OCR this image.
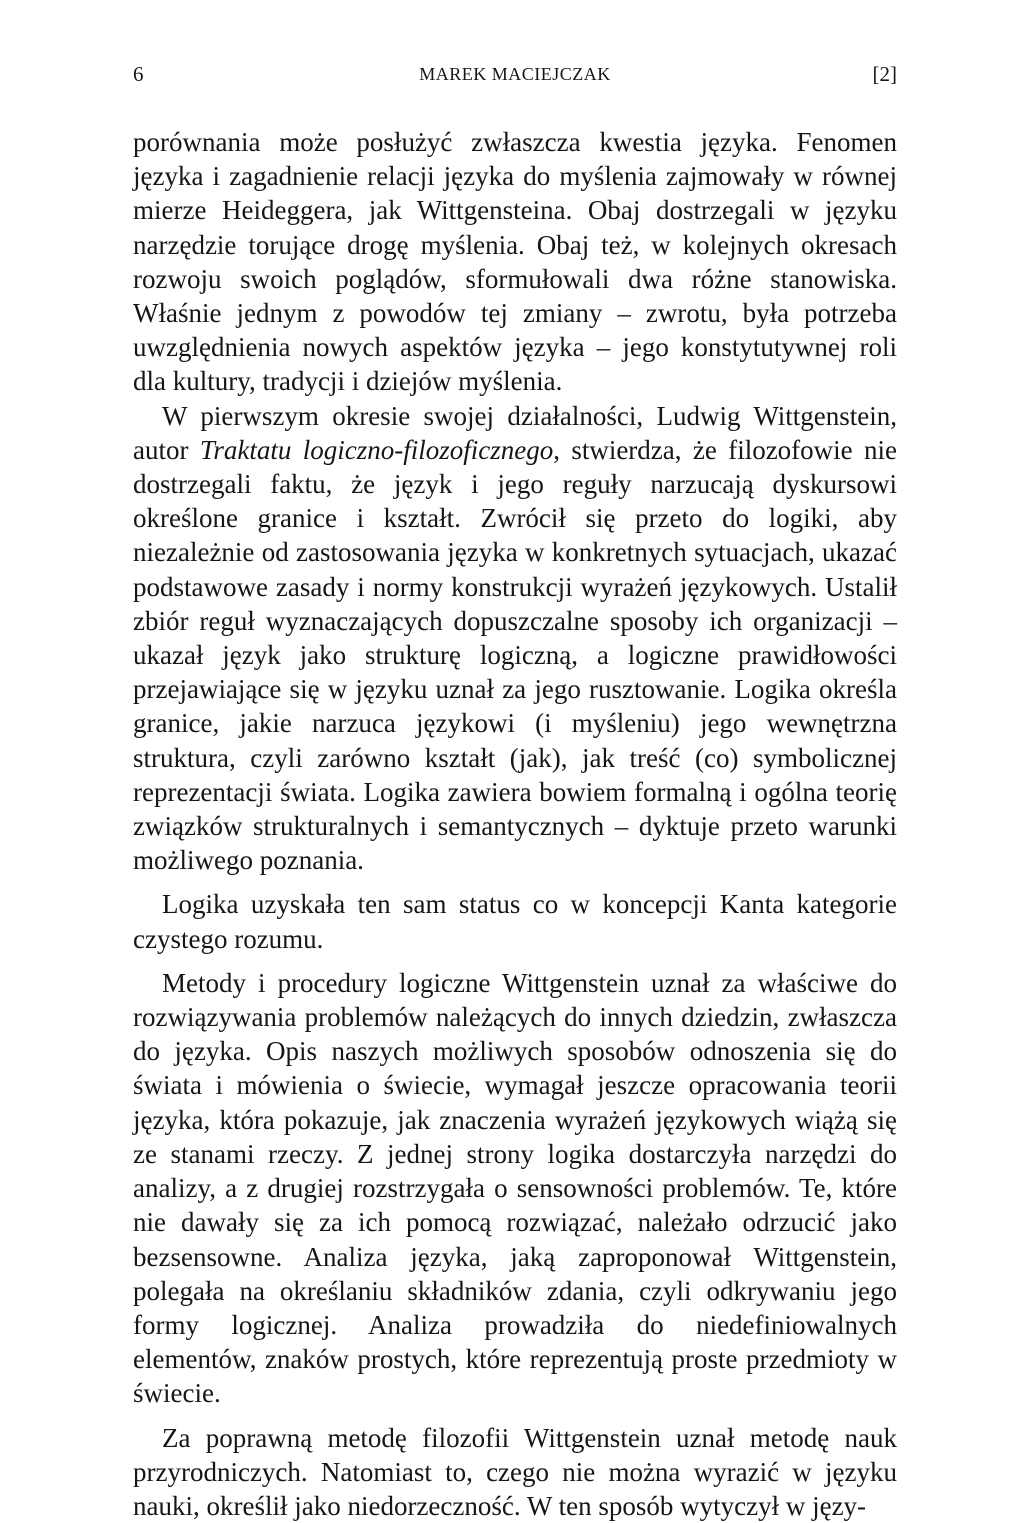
6	MAREK MACIEJCZAK	[2]

porównania może posłużyć zwłaszcza kwestia języka. Fenomen języka i zagadnienie relacji języka do myślenia zajmowały w równej mierze Heideggera, jak Wittgensteina. Obaj dostrzegali w języku narzędzie torujące drogę myślenia. Obaj też, w kolejnych okresach rozwoju swoich poglądów, sformułowali dwa różne stanowiska. Właśnie jednym z powodów tej zmiany – zwrotu, była potrzeba uwzględnienia nowych aspektów języka – jego konstytutywnej roli dla kultury, tradycji i dziejów myślenia.

W pierwszym okresie swojej działalności, Ludwig Wittgenstein, autor Traktatu logiczno-filozoficznego, stwierdza, że filozofowie nie dostrzegali faktu, że język i jego reguły narzucają dyskursowi określone granice i kształt. Zwrócił się przeto do logiki, aby niezależnie od zastosowania języka w konkretnych sytuacjach, ukazać podstawowe zasady i normy konstrukcji wyrażeń językowych. Ustalił zbiór reguł wyznaczających dopuszczalne sposoby ich organizacji – ukazał język jako strukturę logiczną, a logiczne prawidłowości przejawiające się w języku uznał za jego rusztowanie. Logika określa granice, jakie narzuca językowi (i myśleniu) jego wewnętrzna struktura, czyli zarówno kształt (jak), jak treść (co) symbolicznej reprezentacji świata. Logika zawiera bowiem formalną i ogólna teorię związków strukturalnych i semantycznych – dyktuje przeto warunki możliwego poznania.

Logika uzyskała ten sam status co w koncepcji Kanta kategorie czystego rozumu.

Metody i procedury logiczne Wittgenstein uznał za właściwe do rozwiązywania problemów należących do innych dziedzin, zwłaszcza do języka. Opis naszych możliwych sposobów odnoszenia się do świata i mówienia o świecie, wymagał jeszcze opracowania teorii języka, która pokazuje, jak znaczenia wyrażeń językowych wiążą się ze stanami rzeczy. Z jednej strony logika dostarczyła narzędzi do analizy, a z drugiej rozstrzygała o sensowności problemów. Te, które nie dawały się za ich pomocą rozwiązać, należało odrzucić jako bezsensowne. Analiza języka, jaką zaproponował Wittgenstein, polegała na określaniu składników zdania, czyli odkrywaniu jego formy logicznej. Analiza prowadziła do niedefiniowalnych elementów, znaków prostych, które reprezentują proste przedmioty w świecie.

Za poprawną metodę filozofii Wittgenstein uznał metodę nauk przyrodniczych. Natomiast to, czego nie można wyrazić w języku nauki, określił jako niedorzeczność. W ten sposób wytyczył w języ-
